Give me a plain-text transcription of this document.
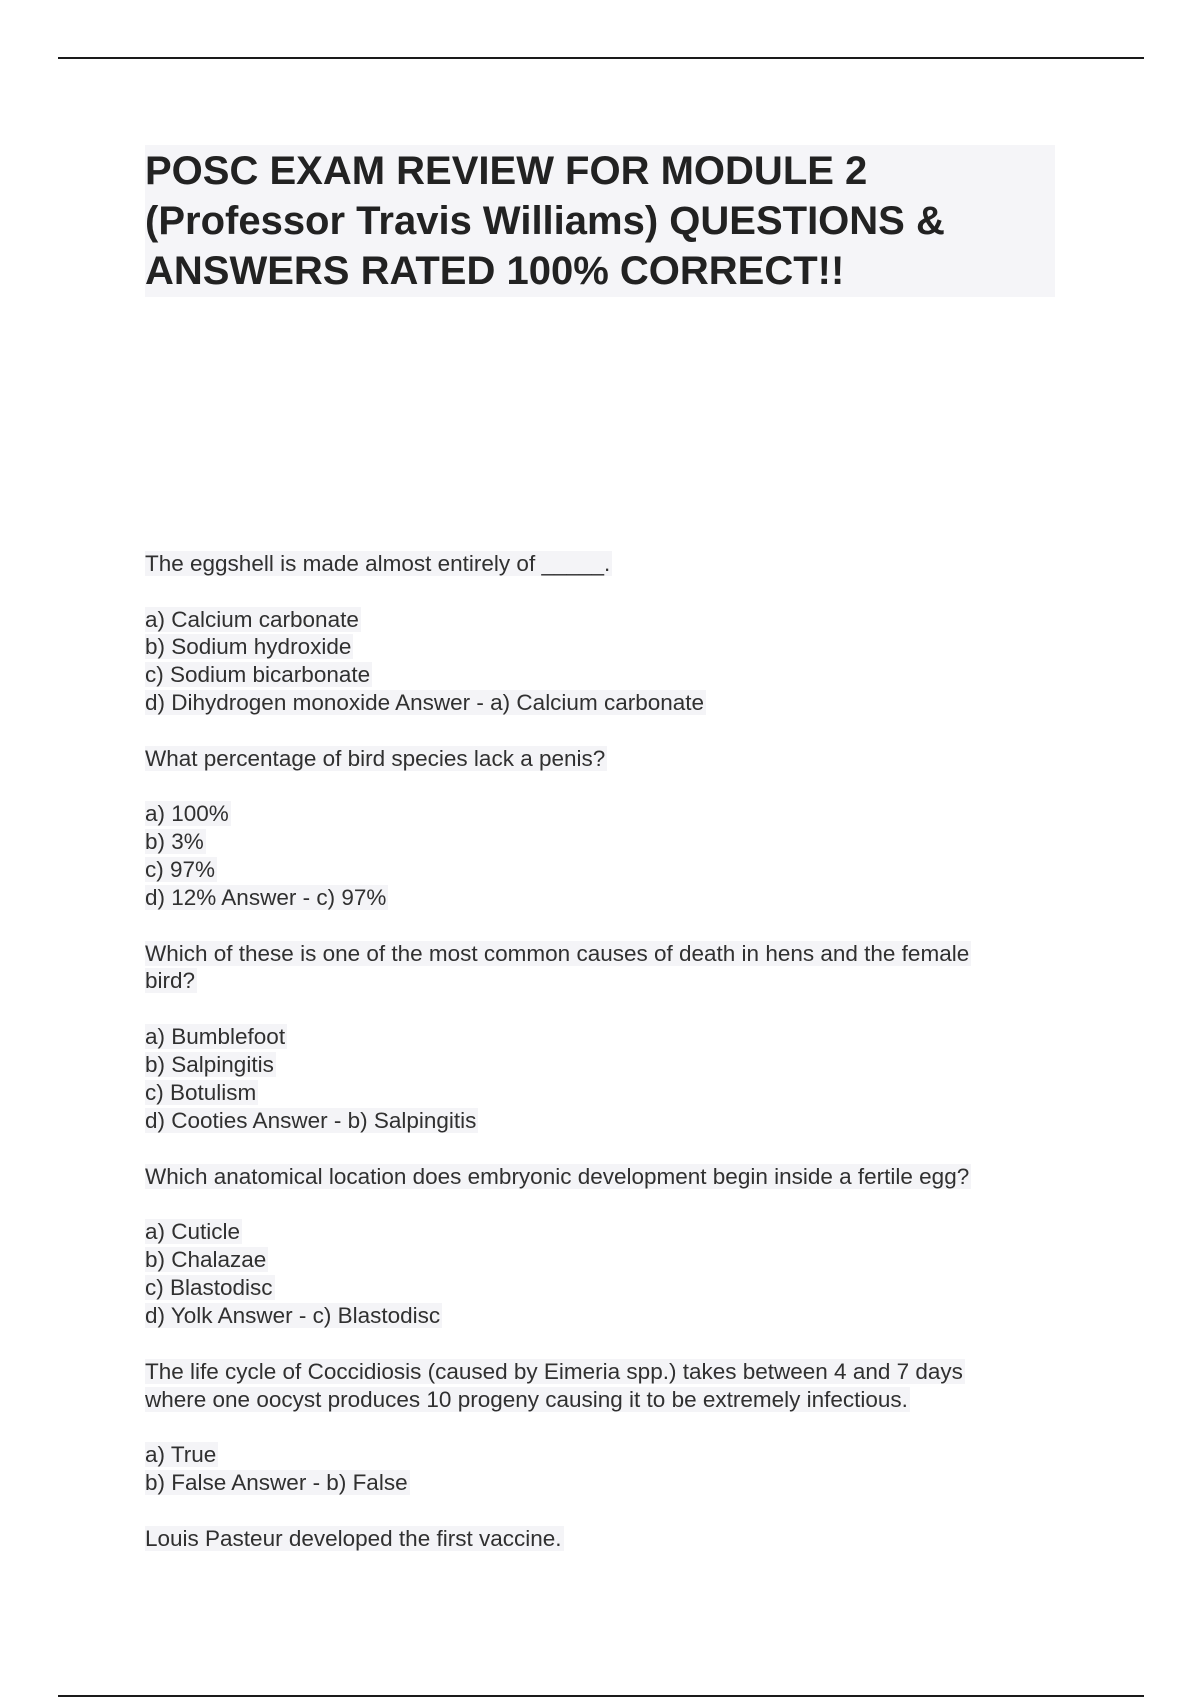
POSC EXAM REVIEW FOR MODULE 2

(Professor Travis Williams) QUESTIONS &

ANSWERS RATED 100% CORRECT!!

The eggshell is made almost entirely of _____.
a) Calcium carbonate
b) Sodium hydroxide
c) Sodium bicarbonate
d) Dihydrogen monoxide Answer - a) Calcium carbonate
What percentage of bird species lack a penis?
a) 100%
b) 3%
c) 97%
d) 12% Answer - c) 97%
Which of these is one of the most common causes of death in hens and the female
bird?
a) Bumblefoot
b) Salpingitis
c) Botulism
d) Cooties Answer - b) Salpingitis
Which anatomical location does embryonic development begin inside a fertile egg?
a) Cuticle
b) Chalazae
c) Blastodisc
d) Yolk Answer - c) Blastodisc
The life cycle of Coccidiosis (caused by Eimeria spp.) takes between 4 and 7 days
where one oocyst produces 10 progeny causing it to be extremely infectious.
a) True
b) False Answer - b) False
Louis Pasteur developed the first vaccine.
